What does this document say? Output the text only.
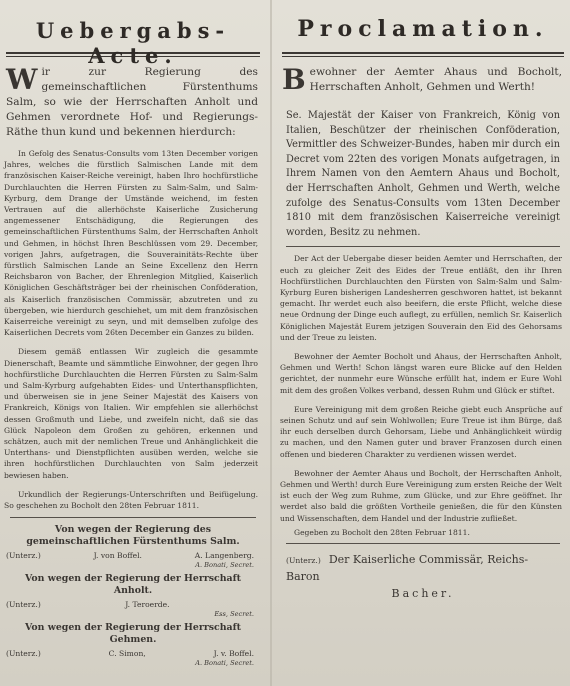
Uebergabs-Acte.
Wir zur Regierung des gemeinschaftlichen Fürstenthums Salm, so wie der Herrschaften Anholt und Gehmen verordnete Hof- und Regierungs-Räthe thun kund und bekennen hierdurch:
In Gefolg des Senatus-Consults vom 13ten December vorigen Jahres, welches die fürstlich Salmischen Lande mit dem französischen Kaiser-Reiche vereinigt, haben Ihro hochfürstliche Durchlauchten die Herren Fürsten zu Salm-Salm, und Salm-Kyrburg, dem Drange der Umstände weichend, im festen Vertrauen auf die allerhöchste Kaiserliche Zusicherung angemessener Entschädigung, die Regierungen des gemeinschaftlichen Fürstenthums Salm, der Herrschaften Anholt und Gehmen, in höchst Ihren Beschlüssen vom 29. December, vorigen Jahrs, aufgetragen, die Souverainitäts-Rechte über fürstlich Salmischen Lande an Seine Excellenz den Herrn Reichsbaron von Bacher, der Ehrenlegion Mitglied, Kaiserlich Königlichen Geschäftsträger bei der rheinischen Conföderation, als Kaiserlich französischen Commissär, abzutreten und zu übergeben, wie hierdurch geschiehet, um mit dem französischen Kaiserreiche vereinigt zu seyn, und mit demselben zufolge des Kaiserlichen Decrets vom 26ten December ein Ganzes zu bilden.
Diesem gemäß entlassen Wir zugleich die gesammte Dienerschaft, Beamte und sämmtliche Einwohner, der gegen Ihro hochfürstliche Durchlauchten die Herren Fürsten zu Salm-Salm und Salm-Kyrburg aufgehabten Eides- und Unterthanspflichten, und überweisen sie in jene Seiner Majestät des Kaisers von Frankreich, Königs von Italien. Wir empfehlen sie allerhöchst dessen Großmuth und Liebe, und zweifeln nicht, daß sie das Glück Napoleon dem Großen zu gehören, erkennen und schätzen, auch mit der nemlichen Treue und Anhänglichkeit die Unterthans- und Dienstpflichten ausüben werden, welche sie ihren hochfürstlichen Durchlauchten von Salm jederzeit bewiesen haben.
Urkundlich der Regierungs-Unterschriften und Beifügelung. So geschehen zu Bocholt den 28ten Februar 1811.
Von wegen der Regierung des gemeinschaftlichen Fürstenthums Salm.
(Unterz.)	J. von Boffel.	A. Langenberg.
A. Bonati, Secret.
Von wegen der Regierung der Herrschaft Anholt.
(Unterz.)	J. Teroerde.
Ess, Secret.
Von wegen der Regierung der Herrschaft Gehmen.
(Unterz.)	C. Simon,	J. v. Boffel.
A. Bonati, Secret.
Proclamation.
Bewohner der Aemter Ahaus und Bocholt, Herrschaften Anholt, Gehmen und Werth!
Se. Majestät der Kaiser von Frankreich, König von Italien, Beschützer der rheinischen Conföderation, Vermittler des Schweizer-Bundes, haben mir durch ein Decret vom 22ten des vorigen Monats aufgetragen, in Ihrem Namen von den Aemtern Ahaus und Bocholt, der Herrschaften Anholt, Gehmen und Werth, welche zufolge des Senatus-Consults vom 13ten December 1810 mit dem französischen Kaiserreiche vereinigt worden, Besitz zu nehmen.
Der Act der Uebergabe dieser beiden Aemter und Herrschaften, der euch zu gleicher Zeit des Eides der Treue entläßt, den ihr Ihren Hochfürstlichen Durchlauchten den Fürsten von Salm-Salm und Salm-Kyrburg Euren bisherigen Landesherren geschworen hattet, ist bekannt gemacht. Ihr werdet euch also beeifern, die erste Pflicht, welche diese neue Ordnung der Dinge euch auflegt, zu erfüllen, nemlich Sr. Kaiserlich Königlichen Majestät Eurem jetzigen Souverain den Eid des Gehorsams und der Treue zu leisten.
Bewohner der Aemter Bocholt und Ahaus, der Herrschaften Anholt, Gehmen und Werth! Schon längst waren eure Blicke auf den Helden gerichtet, der nunmehr eure Wünsche erfüllt hat, indem er Eure Wohl mit dem des großen Volkes verband, dessen Ruhm und Glück er stiftet.
Eure Vereinigung mit dem großen Reiche giebt euch Ansprüche auf seinen Schutz und auf sein Wohlwollen; Eure Treue ist ihm Bürge, daß ihr euch derselben durch Gehorsam, Liebe und Anhänglichkeit würdig zu machen, und den Namen guter und braver Franzosen durch einen offenen und biederen Charakter zu verdienen wissen werdet.
Bewohner der Aemter Ahaus und Bocholt, der Herrschaften Anholt, Gehmen und Werth! durch Eure Vereinigung zum ersten Reiche der Welt ist euch der Weg zum Ruhme, zum Glücke, und zur Ehre geöffnet. Ihr werdet also bald die größten Vortheile genießen, die für den Künsten und Wissenschaften, dem Handel und der Industrie zufließet.
Gegeben zu Bocholt den 28ten Februar 1811.
(Unterz.) Der Kaiserliche Commissär, Reichs-Baron
Bacher.
